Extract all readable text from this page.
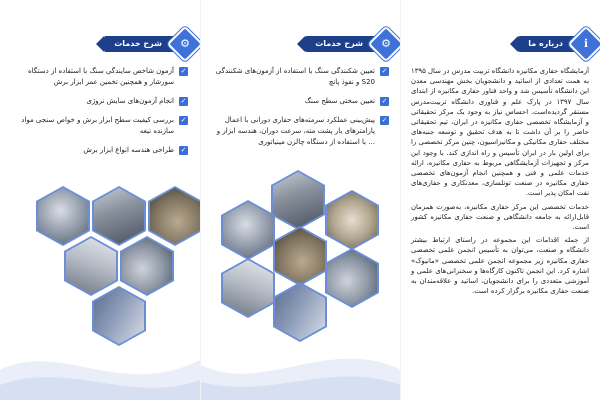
شرح خدمات	⚙
✓
آزمون شاخص سایندگی سنگ با استفاده از دستگاه سورشار و همچنین تخمین عمر ابزار برش
✓
انجام آزمون‌های سایش نروژی
✓
بررسی کیفیت سطح ابزار برش و خواص سنجی مواد سازنده تیغه
✓
طراحی هندسه انواع ابزار برش
شرح خدمات	⚙
✓
تعیین شکنندگی سنگ با استفاده از آزمون‌های شکنندگی S20 و نفوذ پانچ
✓
تعیین سختی سطح سنگ
✓
پیش‌بینی عملکرد سرمته‌های حفاری دورانی با اعمال پارامترهای بار پشت مته، سرعت دوران، هندسه ابزار و ... با استفاده از دستگاه چالزن مینیاتوری
درباره ما	ℹ

آزمایشگاه حفاری مکانیزه دانشگاه تربیت مدرس در سال ۱۳۹۵ به همت تعدادی از اساتید و دانشجویان بخش مهندسی معدن این دانشگاه تأسیس شد و واحد فناور حفاری مکانیزه از ابتدای سال ۱۳۹۷ در پارک علم و فناوری دانشگاه تربیت‌مدرس مستقر گردیده‌است. احساس نیاز به وجود یک مرکز تحقیقاتی و آزمایشگاه تخصصی حفاری مکانیزه در ایران، تیم تحقیقاتی حاضر را بر آن داشت تا به هدف تحقیق و توسعه جنبه‌های مختلف حفاری مکانیکی و مکانیزاسیون، چنین مرکز تخصصی را برای اولین بار در ایران تأسیس و راه اندازی کند. با وجود این مرکز و تجهیزات آزمایشگاهی مربوط به حفاری مکانیزه، ارائه خدمات علمی و فنی و همچنین انجام آزمون‌های تخصصی حفاری مکانیزه در صنعت تونلسازی، معدنکاری و حفاری‌های نفت امکان پذیر است.

خدمات تخصصی این مرکز حفاری مکانیزه، به‌صورت همزمان قابل‌ارائه به جامعه دانشگاهی و صنعت حفاری مکانیزه کشور است.

از جمله اقدامات این مجموعه در راستای ارتباط بیشتر دانشگاه و صنعت، می‌توان به تأسیس انجمن علمی تخصصی حفاری مکانیزه زیر مجموعه انجمن علمی تخصصی «مانیوک» اشاره کرد. این انجمن تاکنون کارگاه‌ها و سخنرانی‌های علمی و آموزشی متعددی را برای دانشجویان، اساتید و علاقه‌مندان به صنعت حفاری مکانیزه برگزار کرده است.
